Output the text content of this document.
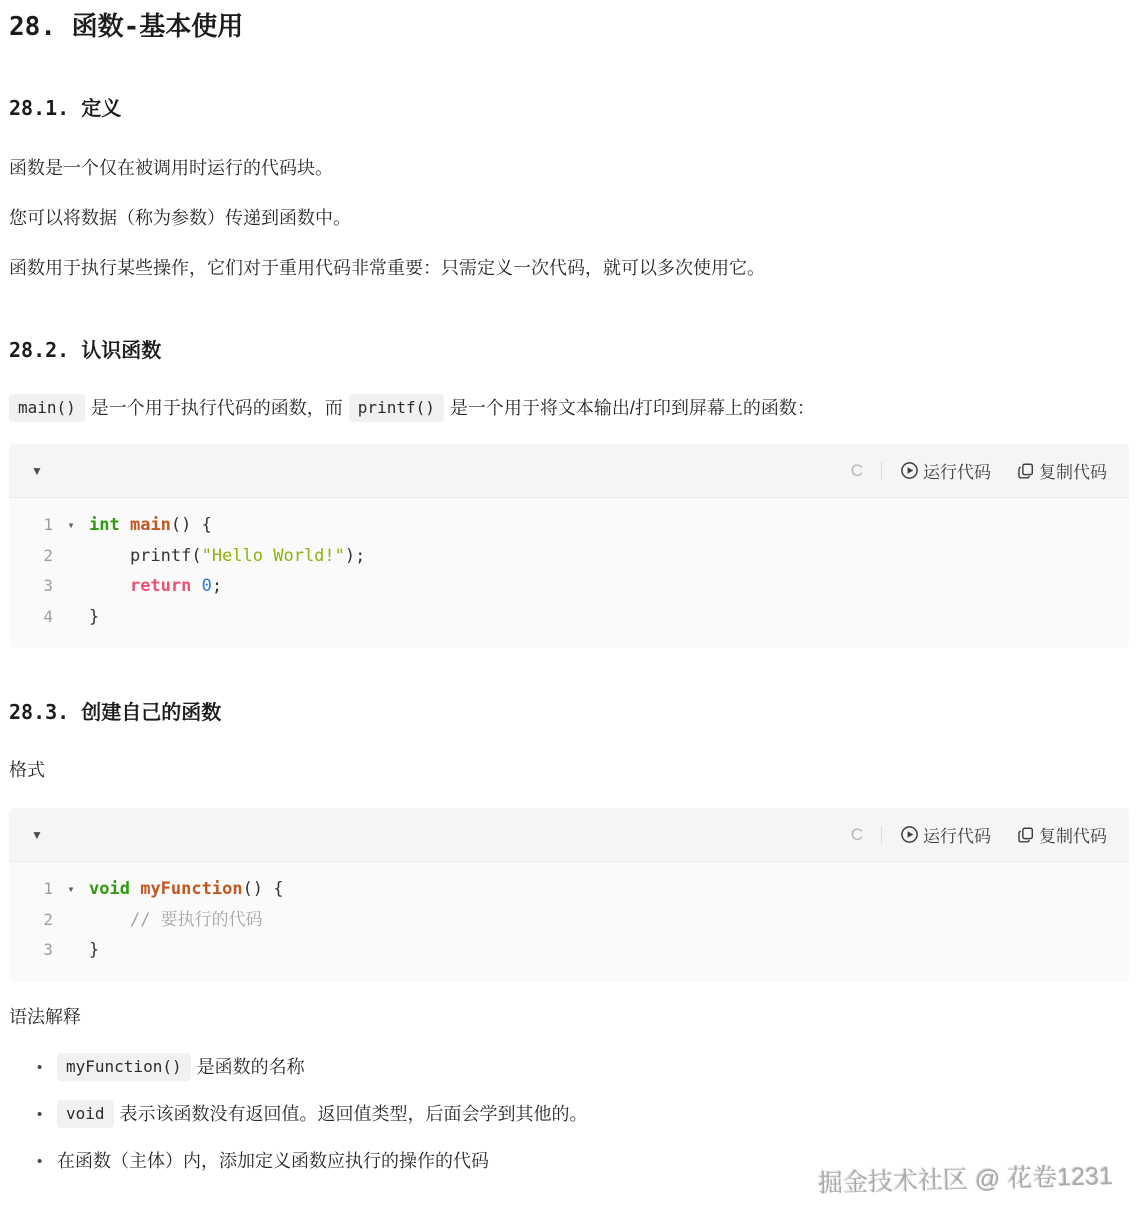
28. 函数-基本使用
28.1. 定义

函数是一个仅在被调用时运行的代码块。

您可以将数据（称为参数）传递到函数中。

函数用于执行某些操作，它们对于重用代码非常重要：只需定义一次代码，就可以多次使用它。

28.2. 认识函数

main() 是一个用于执行代码的函数，而 printf() 是一个用于将文本输出/打印到屏幕上的函数：

▼	C	运行代码	复制代码
1	▾ int main() {
2 printf("Hello World!");
3	return 0;
4 }
28.3. 创建自己的函数

格式

▼	C	运行代码	复制代码
1	▾ void myFunction() {
2	// 要执行的代码
3 }

语法解释

•	myFunction() 是函数的名称
•	void 表示该函数没有返回值。返回值类型，后面会学到其他的。
• 在函数（主体）内，添加定义函数应执行的操作的代码
掘金技术社区 @ 花卷1231
